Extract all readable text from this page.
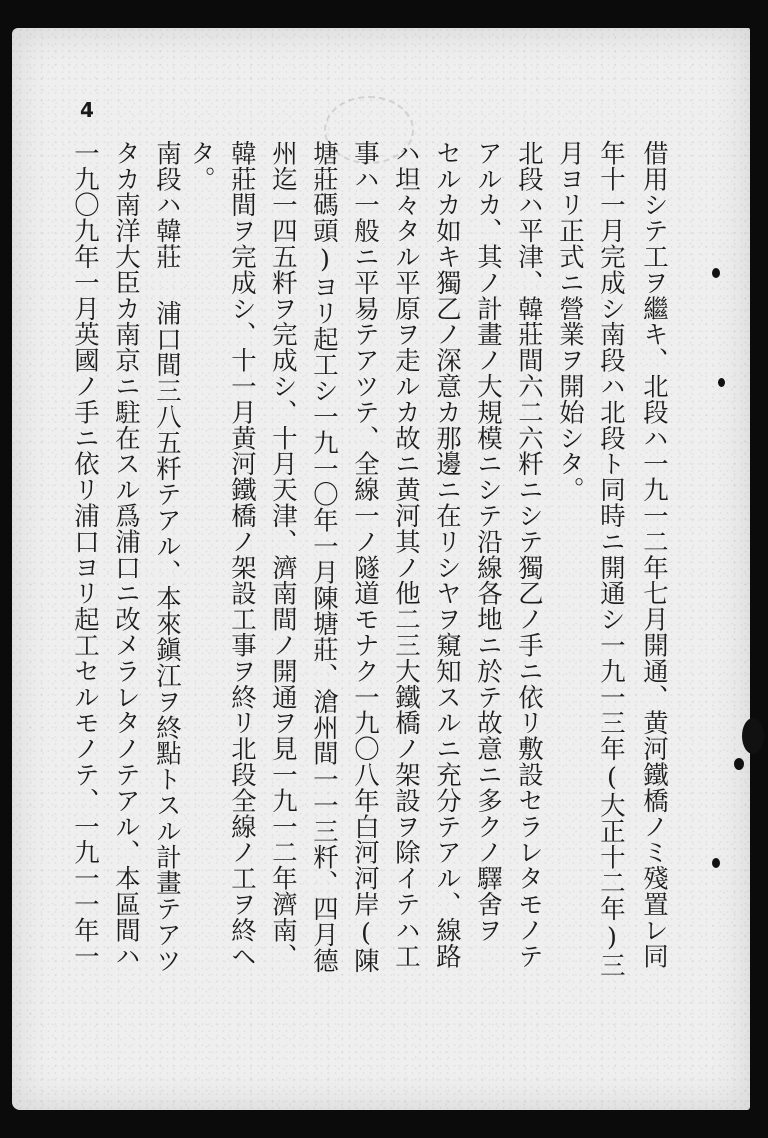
4
借用シテ工ヲ繼キ、北段ハ一九一二年七月開通、黄河鐵橋ノミ殘置レ同
年十一月完成シ南段ハ北段ト同時ニ開通シ一九一三年(大正十二年)三
月ヨリ正式ニ營業ヲ開始シタ。
北段ハ平津、韓莊間六二六粁ニシテ獨乙ノ手ニ依リ敷設セラレタモノテ
アルカ、其ノ計畫ノ大規模ニシテ沿線各地ニ於テ故意ニ多クノ驛舍ヲ
セルカ如キ獨乙ノ深意カ那邊ニ在リシヤヲ窺知スルニ充分テアル、線路
ハ坦々タル平原ヲ走ルカ故ニ黄河其ノ他二三大鐵橋ノ架設ヲ除イテハ工
事ハ一般ニ平易テアツテ、全線一ノ隧道モナク一九〇八年白河河岸(陳
塘莊碼頭)ヨリ起工シ一九一〇年一月陳塘莊、滄州間一一三粁、四月德
州迄一四五粁ヲ完成シ、十月天津、濟南間ノ開通ヲ見一九一二年濟南、
韓莊間ヲ完成シ、十一月黄河鐵橋ノ架設工事ヲ終リ北段全線ノ工ヲ終ヘ
タ。
南段ハ韓莊 浦口間三八五粁テアル、本來鎭江ヲ終點トスル計畫テアツ
タカ南洋大臣カ南京ニ駐在スル爲浦口ニ改メラレタノテアル、本區間ハ
一九〇九年一月英國ノ手ニ依リ浦口ヨリ起工セルモノテ、一九一一年一
